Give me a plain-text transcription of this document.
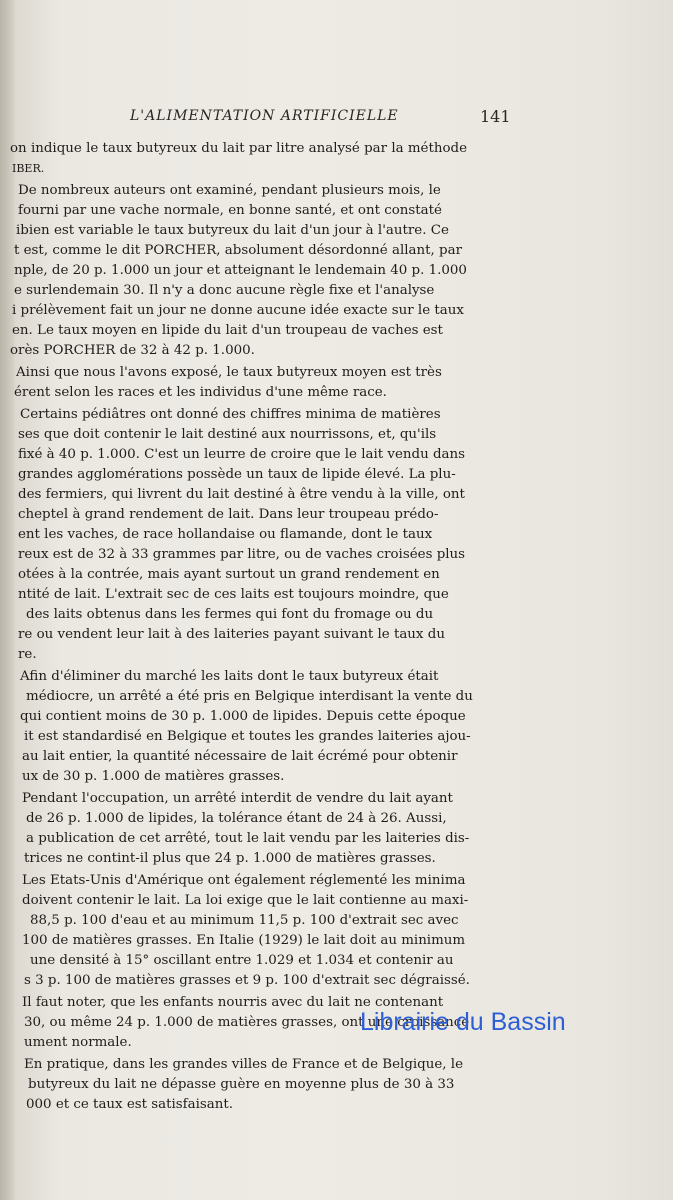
L'ALIMENTATION ARTIFICIELLE	141
on indique le taux butyreux du lait par litre analysé par la méthode
IBER.
De nombreux auteurs ont examiné, pendant plusieurs mois, le
fourni par une vache normale, en bonne santé, et ont constaté
ibien est variable le taux butyreux du lait d'un jour à l'autre. Ce
t est, comme le dit PORCHER, absolument désordonné allant, par
nple, de 20 p. 1.000 un jour et atteignant le lendemain 40 p. 1.000
e surlendemain 30. Il n'y a donc aucune règle fixe et l'analyse
i prélèvement fait un jour ne donne aucune idée exacte sur le taux
en. Le taux moyen en lipide du lait d'un troupeau de vaches est
orès PORCHER de 32 à 42 p. 1.000.
Ainsi que nous l'avons exposé, le taux butyreux moyen est très
érent selon les races et les individus d'une même race.
Certains pédiâtres ont donné des chiffres minima de matières
ses que doit contenir le lait destiné aux nourrissons, et, qu'ils
fixé à 40 p. 1.000. C'est un leurre de croire que le lait vendu dans
grandes agglomérations possède un taux de lipide élevé. La plu-
des fermiers, qui livrent du lait destiné à être vendu à la ville, ont
cheptel à grand rendement de lait. Dans leur troupeau prédo-
ent les vaches, de race hollandaise ou flamande, dont le taux
reux est de 32 à 33 grammes par litre, ou de vaches croisées plus
otées à la contrée, mais ayant surtout un grand rendement en
ntité de lait. L'extrait sec de ces laits est toujours moindre, que
des laits obtenus dans les fermes qui font du fromage ou du
re ou vendent leur lait à des laiteries payant suivant le taux du
re.
Afin d'éliminer du marché les laits dont le taux butyreux était
médiocre, un arrêté a été pris en Belgique interdisant la vente du
qui contient moins de 30 p. 1.000 de lipides. Depuis cette époque
it est standardisé en Belgique et toutes les grandes laiteries ajou-
au lait entier, la quantité nécessaire de lait écrémé pour obtenir
ux de 30 p. 1.000 de matières grasses.
Pendant l'occupation, un arrêté interdit de vendre du lait ayant
de 26 p. 1.000 de lipides, la tolérance étant de 24 à 26. Aussi,
a publication de cet arrêté, tout le lait vendu par les laiteries dis-
trices ne contint-il plus que 24 p. 1.000 de matières grasses.
Les Etats-Unis d'Amérique ont également réglementé les minima
doivent contenir le lait. La loi exige que le lait contienne au maxi-
88,5 p. 100 d'eau et au minimum 11,5 p. 100 d'extrait sec avec
100 de matières grasses. En Italie (1929) le lait doit au minimum
une densité à 15° oscillant entre 1.029 et 1.034 et contenir au
s 3 p. 100 de matières grasses et 9 p. 100 d'extrait sec dégraissé.
Il faut noter, que les enfants nourris avec du lait ne contenant
30, ou même 24 p. 1.000 de matières grasses, ont une croissance
ument normale.
En pratique, dans les grandes villes de France et de Belgique, le
butyreux du lait ne dépasse guère en moyenne plus de 30 à 33
000 et ce taux est satisfaisant.
Librairie du Bassin
